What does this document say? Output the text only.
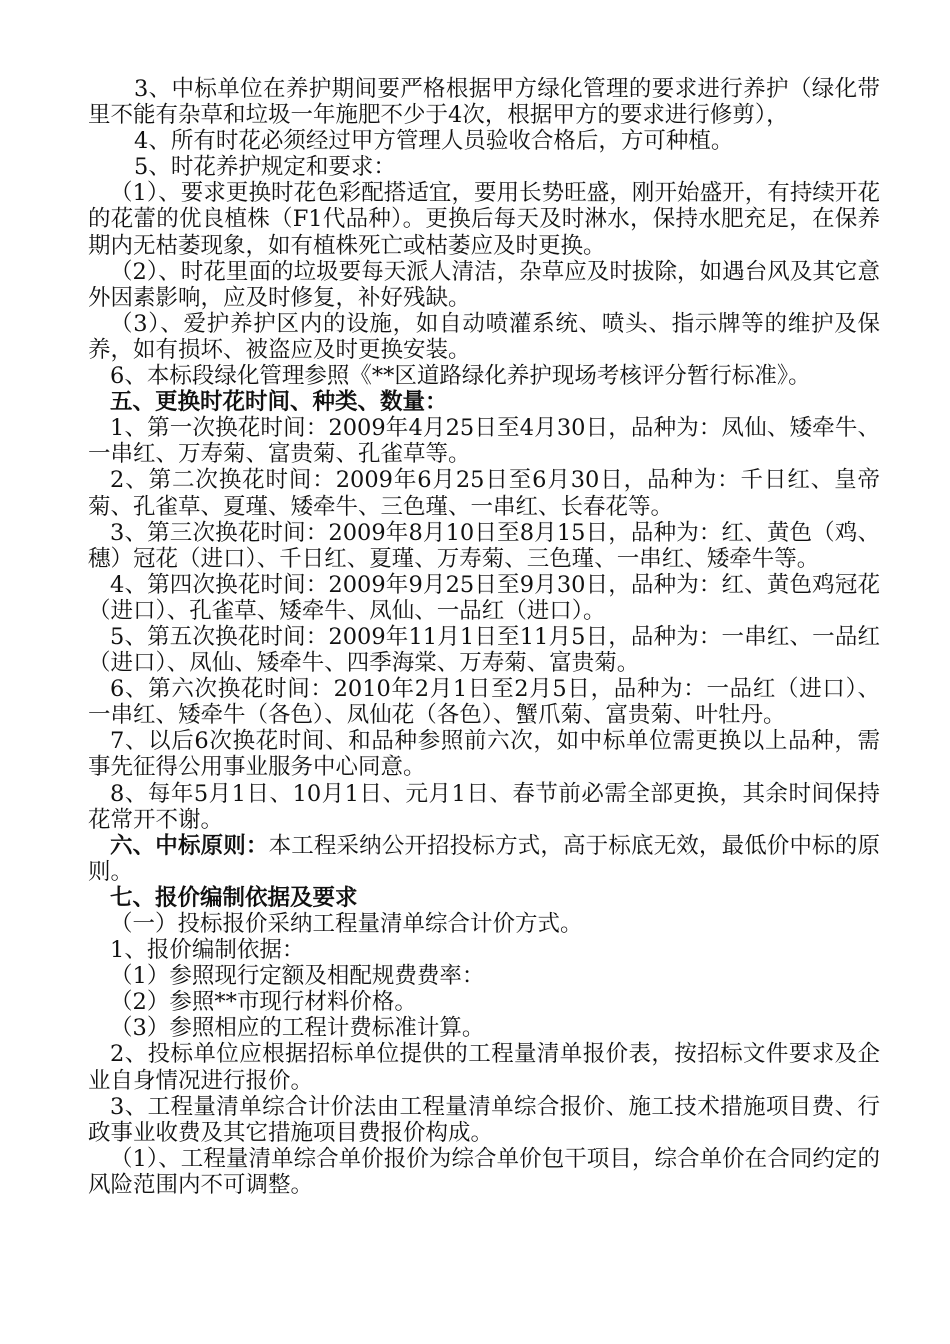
3、中标单位在养护期间要严格根据甲方绿化管理的要求进行养护（绿化带里不能有杂草和垃圾一年施肥不少于4次，根据甲方的要求进行修剪），

4、所有时花必须经过甲方管理人员验收合格后，方可种植。

5、时花养护规定和要求：

（1）、要求更换时花色彩配搭适宜，要用长势旺盛，刚开始盛开，有持续开花的花蕾的优良植株（F1代品种）。更换后每天及时淋水，保持水肥充足，在保养期内无枯萎现象，如有植株死亡或枯萎应及时更换。

（2）、时花里面的垃圾要每天派人清洁，杂草应及时拔除，如遇台风及其它意外因素影响，应及时修复，补好残缺。

（3）、爱护养护区内的设施，如自动喷灌系统、喷头、指示牌等的维护及保养，如有损坏、被盗应及时更换安装。

6、本标段绿化管理参照《**区道路绿化养护现场考核评分暂行标准》。

五、更换时花时间、种类、数量：

1、第一次换花时间：2009年4月25日至4月30日，品种为：凤仙、矮牵牛、一串红、万寿菊、富贵菊、孔雀草等。

2、第二次换花时间：2009年6月25日至6月30日，品种为：千日红、皇帝菊、孔雀草、夏瑾、矮牵牛、三色瑾、一串红、长春花等。

3、第三次换花时间：2009年8月10日至8月15日，品种为：红、黄色（鸡、穗）冠花（进口）、千日红、夏瑾、万寿菊、三色瑾、一串红、矮牵牛等。

4、第四次换花时间：2009年9月25日至9月30日，品种为：红、黄色鸡冠花（进口）、孔雀草、矮牵牛、凤仙、一品红（进口）。

5、第五次换花时间：2009年11月1日至11月5日，品种为：一串红、一品红（进口）、凤仙、矮牵牛、四季海棠、万寿菊、富贵菊。

6、第六次换花时间：2010年2月1日至2月5日，品种为：一品红（进口）、一串红、矮牵牛（各色）、凤仙花（各色）、蟹爪菊、富贵菊、叶牡丹。

7、以后6次换花时间、和品种参照前六次，如中标单位需更换以上品种，需事先征得公用事业服务中心同意。

8、每年5月1日、10月1日、元月1日、春节前必需全部更换，其余时间保持花常开不谢。

六、中标原则：本工程采纳公开招投标方式，高于标底无效，最低价中标的原则。

七、报价编制依据及要求

（一）投标报价采纳工程量清单综合计价方式。

1、报价编制依据：

（1）参照现行定额及相配规费费率：

（2）参照**市现行材料价格。

（3）参照相应的工程计费标准计算。

2、投标单位应根据招标单位提供的工程量清单报价表，按招标文件要求及企业自身情况进行报价。

3、工程量清单综合计价法由工程量清单综合报价、施工技术措施项目费、行政事业收费及其它措施项目费报价构成。

（1）、工程量清单综合单价报价为综合单价包干项目，综合单价在合同约定的风险范围内不可调整。
